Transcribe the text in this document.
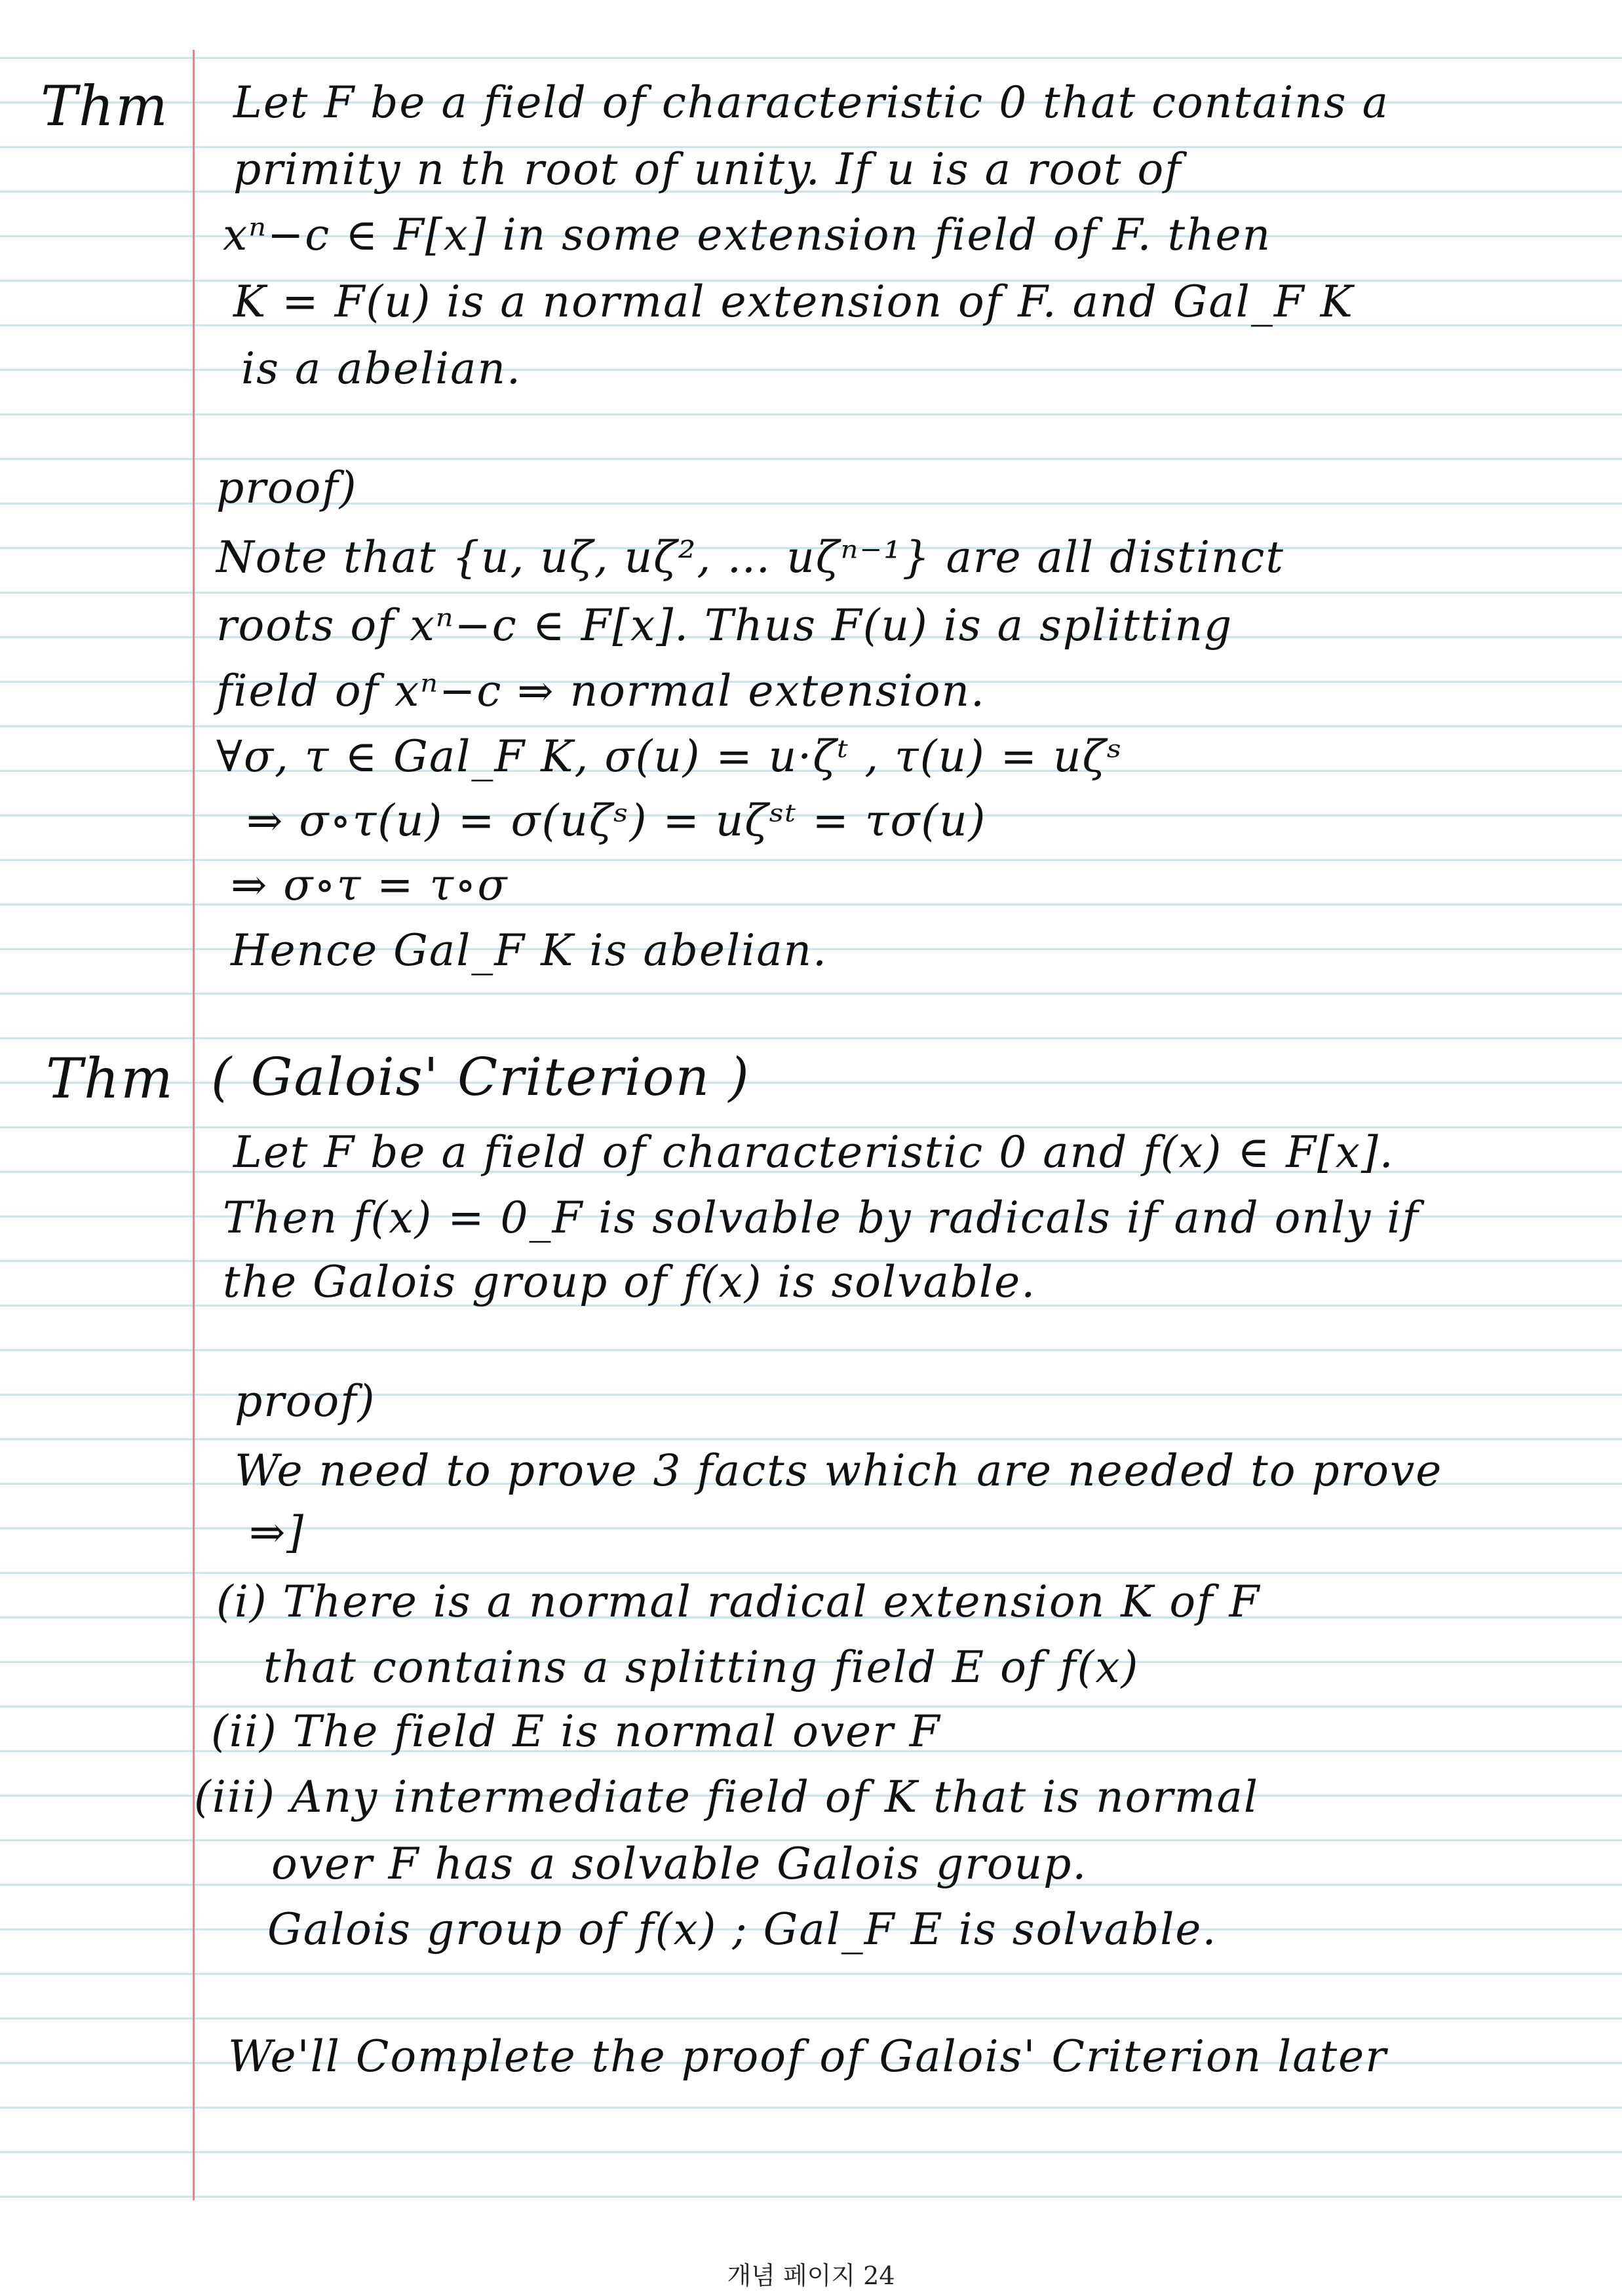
Thm Let F be a field of characteristic 0 that contains a
primity n th root of unity. If u is a root of
xⁿ−c ∈ F[x] in some extension field of F. then
K = F(u) is a normal extension of F. and Gal_F K
is a abelian.
proof)
Note that {u, uζ, uζ², … uζⁿ⁻¹} are all distinct
roots of xⁿ−c ∈ F[x]. Thus F(u) is a splitting
field of xⁿ−c ⇒ normal extension.
∀σ, τ ∈ Gal_F K, σ(u) = u·ζᵗ , τ(u) = uζˢ
⇒ σ∘τ(u) = σ(uζˢ) = uζˢᵗ = τσ(u)
⇒ σ∘τ = τ∘σ
Hence Gal_F K is abelian.
Thm ( Galois' Criterion )
Let F be a field of characteristic 0 and f(x) ∈ F[x].
Then f(x) = 0_F is solvable by radicals if and only if
the Galois group of f(x) is solvable.
proof)
We need to prove 3 facts which are needed to prove
⇒]
(i) There is a normal radical extension K of F
that contains a splitting field E of f(x)
(ii) The field E is normal over F
(iii) Any intermediate field of K that is normal
over F has a solvable Galois group.
Galois group of f(x) ; Gal_F E is solvable.
We'll Complete the proof of Galois' Criterion later
개념 페이지 24
